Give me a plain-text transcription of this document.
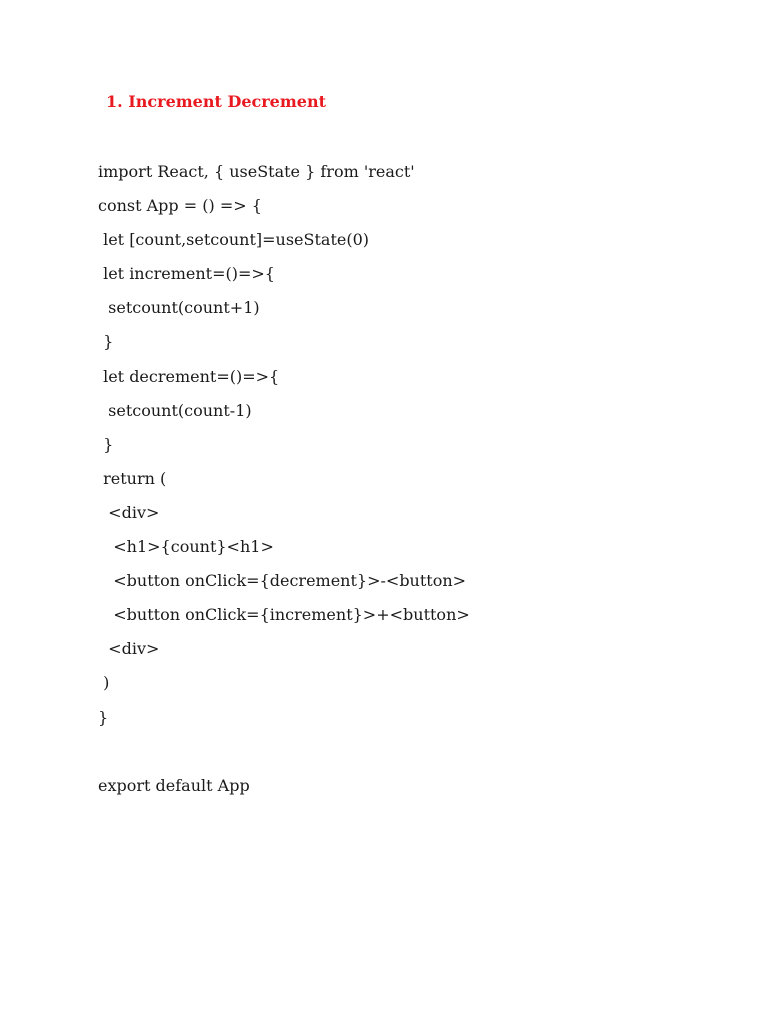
1. Increment Decrement
import React, { useState } from 'react'
const App = () => {
let [count,setcount]=useState(0)
let increment=()=>{
setcount(count+1)
}
let decrement=()=>{
setcount(count-1)
}
return (
<div>
<h1>{count}<h1>
<button onClick={decrement}>-<button>
<button onClick={increment}>+<button>
<div>
)
}
export default App
